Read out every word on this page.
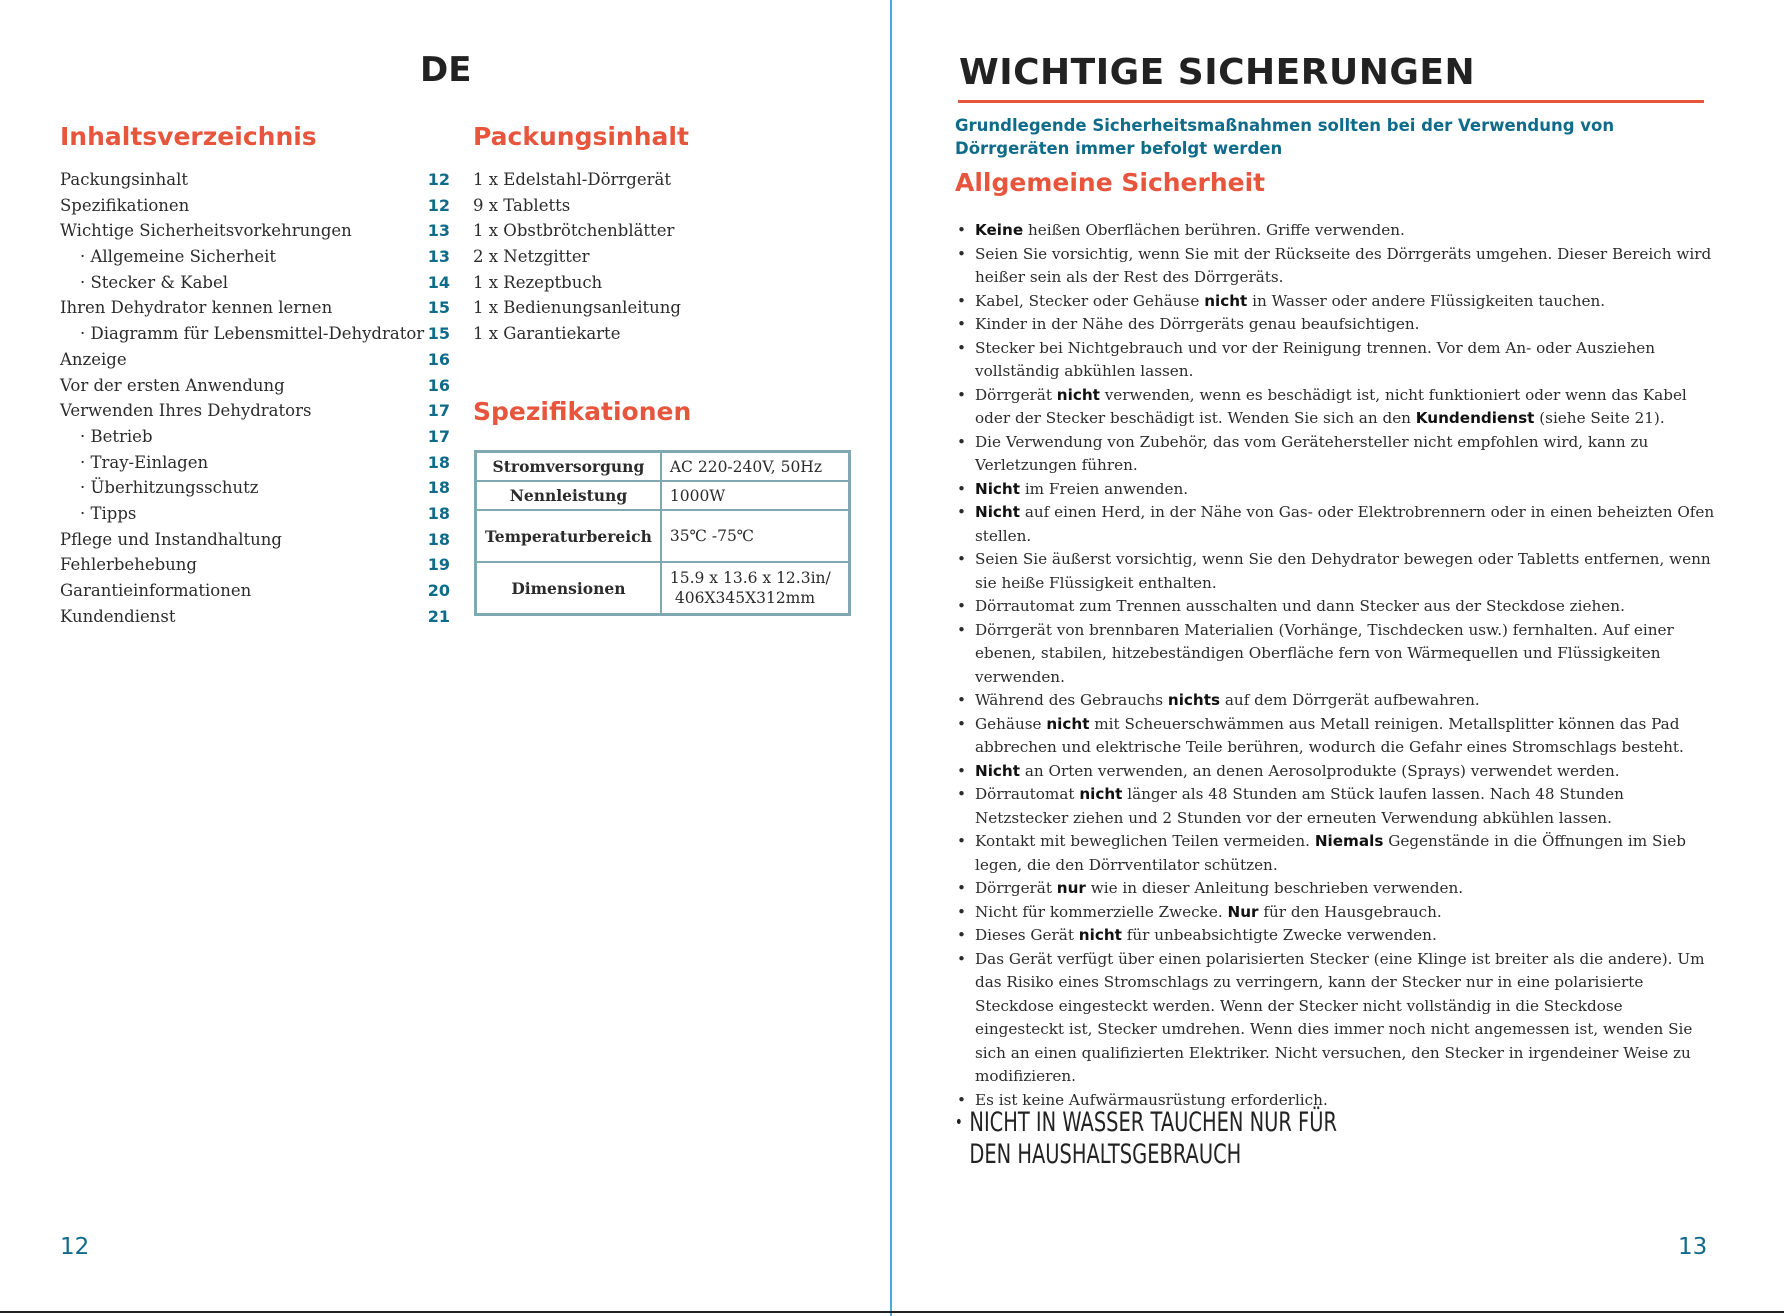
DE
Inhaltsverzeichnis
Packungsinhalt	12
Spezifikationen	12
Wichtige Sicherheitsvorkehrungen	13
· Allgemeine Sicherheit	13
· Stecker & Kabel	14
Ihren Dehydrator kennen lernen	15
· Diagramm für Lebensmittel-Dehydrator 15
Anzeige	16
Vor der ersten Anwendung	16
Verwenden Ihres Dehydrators	17
· Betrieb	17
· Tray-Einlagen	18
· Überhitzungsschutz	18
· Tipps	18
Pflege und Instandhaltung	18
Fehlerbehebung	19
Garantieinformationen	20
Kundendienst	21
Packungsinhalt
1 x Edelstahl-Dörrgerät
9 x Tabletts
1 x Obstbrötchenblätter
2 x Netzgitter
1 x Rezeptbuch
1 x Bedienungsanleitung
1 x Garantiekarte
Spezifikationen
Stromversorgung	AC 220-240V, 50Hz
Nennleistung	1000W
Temperaturbereich	35℃ -75℃
Dimensionen	15.9 x 13.6 x 12.3in/
406X345X312mm
12
WICHTIGE SICHERUNGEN
Grundlegende Sicherheitsmaßnahmen sollten bei der Verwendung von Dörrgeräten immer befolgt werden
Allgemeine Sicherheit
• Keine heißen Oberflächen berühren. Griffe verwenden.
• Seien Sie vorsichtig, wenn Sie mit der Rückseite des Dörrgeräts umgehen. Dieser Bereich wird heißer sein als der Rest des Dörrgeräts.
• Kabel, Stecker oder Gehäuse nicht in Wasser oder andere Flüssigkeiten tauchen.
• Kinder in der Nähe des Dörrgeräts genau beaufsichtigen.
• Stecker bei Nichtgebrauch und vor der Reinigung trennen. Vor dem An- oder Ausziehen vollständig abkühlen lassen.
• Dörrgerät nicht verwenden, wenn es beschädigt ist, nicht funktioniert oder wenn das Kabel oder der Stecker beschädigt ist. Wenden Sie sich an den Kundendienst (siehe Seite 21).
• Die Verwendung von Zubehör, das vom Gerätehersteller nicht empfohlen wird, kann zu Verletzungen führen.
• Nicht im Freien anwenden.
• Nicht auf einen Herd, in der Nähe von Gas- oder Elektrobrennern oder in einen beheizten Ofen stellen.
• Seien Sie äußerst vorsichtig, wenn Sie den Dehydrator bewegen oder Tabletts entfernen, wenn sie heiße Flüssigkeit enthalten.
• Dörrautomat zum Trennen ausschalten und dann Stecker aus der Steckdose ziehen.
• Dörrgerät von brennbaren Materialien (Vorhänge, Tischdecken usw.) fernhalten. Auf einer ebenen, stabilen, hitzebeständigen Oberfläche fern von Wärmequellen und Flüssigkeiten verwenden.
• Während des Gebrauchs nichts auf dem Dörrgerät aufbewahren.
• Gehäuse nicht mit Scheuerschwämmen aus Metall reinigen. Metallsplitter können das Pad abbrechen und elektrische Teile berühren, wodurch die Gefahr eines Stromschlags besteht.
• Nicht an Orten verwenden, an denen Aerosolprodukte (Sprays) verwendet werden.
• Dörrautomat nicht länger als 48 Stunden am Stück laufen lassen. Nach 48 Stunden Netzstecker ziehen und 2 Stunden vor der erneuten Verwendung abkühlen lassen.
• Kontakt mit beweglichen Teilen vermeiden. Niemals Gegenstände in die Öffnungen im Sieb legen, die den Dörrventilator schützen.
• Dörrgerät nur wie in dieser Anleitung beschrieben verwenden.
• Nicht für kommerzielle Zwecke. Nur für den Hausgebrauch.
• Dieses Gerät nicht für unbeabsichtigte Zwecke verwenden.
• Das Gerät verfügt über einen polarisierten Stecker (eine Klinge ist breiter als die andere). Um das Risiko eines Stromschlags zu verringern, kann der Stecker nur in eine polarisierte Steckdose eingesteckt werden. Wenn der Stecker nicht vollständig in die Steckdose eingesteckt ist, Stecker umdrehen. Wenn dies immer noch nicht angemessen ist, wenden Sie sich an einen qualifizierten Elektriker. Nicht versuchen, den Stecker in irgendeiner Weise zu modifizieren.
• Es ist keine Aufwärmausrüstung erforderlich.
• NICHT IN WASSER TAUCHEN NUR FÜR
DEN HAUSHALTSGEBRAUCH
13
